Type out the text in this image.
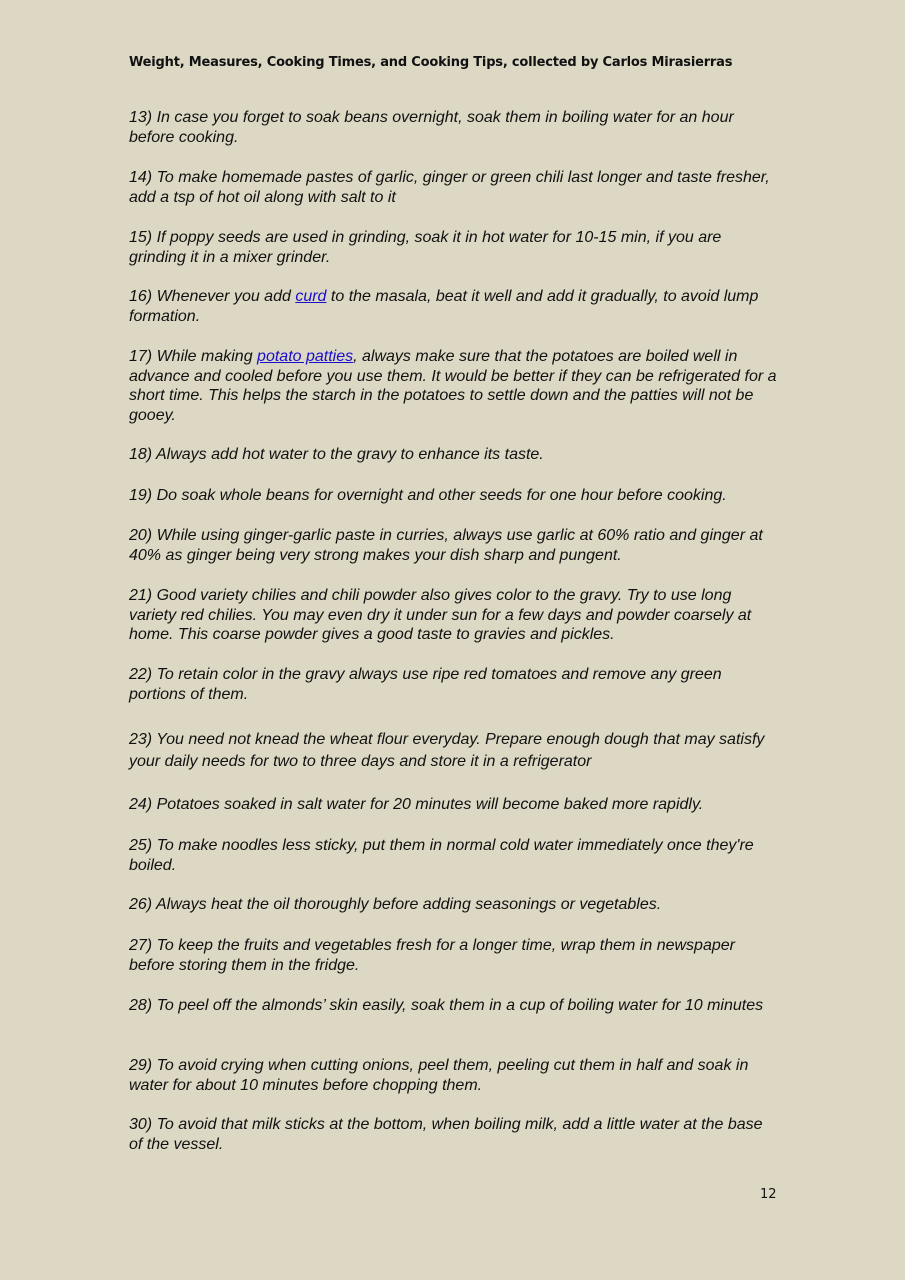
Weight, Measures, Cooking Times, and Cooking Tips, collected by Carlos Mirasierras

13) In case you forget to soak beans overnight, soak them in boiling water for an hour before cooking.

14) To make homemade pastes of garlic, ginger or green chili last longer and taste fresher, add a tsp of hot oil along with salt to it

15) If poppy seeds are used in grinding, soak it in hot water for 10-15 min, if you are grinding it in a mixer grinder.

16) Whenever you add curd to the masala, beat it well and add it gradually, to avoid lump formation.

17) While making potato patties, always make sure that the potatoes are boiled well in advance and cooled before you use them. It would be better if they can be refrigerated for a short time. This helps the starch in the potatoes to settle down and the patties will not be gooey.

18) Always add hot water to the gravy to enhance its taste.

19) Do soak whole beans for overnight and other seeds for one hour before cooking.

20) While using ginger-garlic paste in curries, always use garlic at 60% ratio and ginger at 40% as ginger being very strong makes your dish sharp and pungent.

21) Good variety chilies and chili powder also gives color to the gravy. Try to use long variety red chilies. You may even dry it under sun for a few days and powder coarsely at home. This coarse powder gives a good taste to gravies and pickles.

22) To retain color in the gravy always use ripe red tomatoes and remove any green portions of them.

23) You need not knead the wheat flour everyday. Prepare enough dough that may satisfy your daily needs for two to three days and store it in a refrigerator

24) Potatoes soaked in salt water for 20 minutes will become baked more rapidly.

25) To make noodles less sticky, put them in normal cold water immediately once they're boiled.

26) Always heat the oil thoroughly before adding seasonings or vegetables.

27) To keep the fruits and vegetables fresh for a longer time, wrap them in newspaper before storing them in the fridge.

28) To peel off the almonds’ skin easily, soak them in a cup of boiling water for 10 minutes

29) To avoid crying when cutting onions, peel them, peeling cut them in half and soak in water for about 10 minutes before chopping them.

30) To avoid that milk sticks at the bottom, when boiling milk, add a little water at the base of the vessel.

12
